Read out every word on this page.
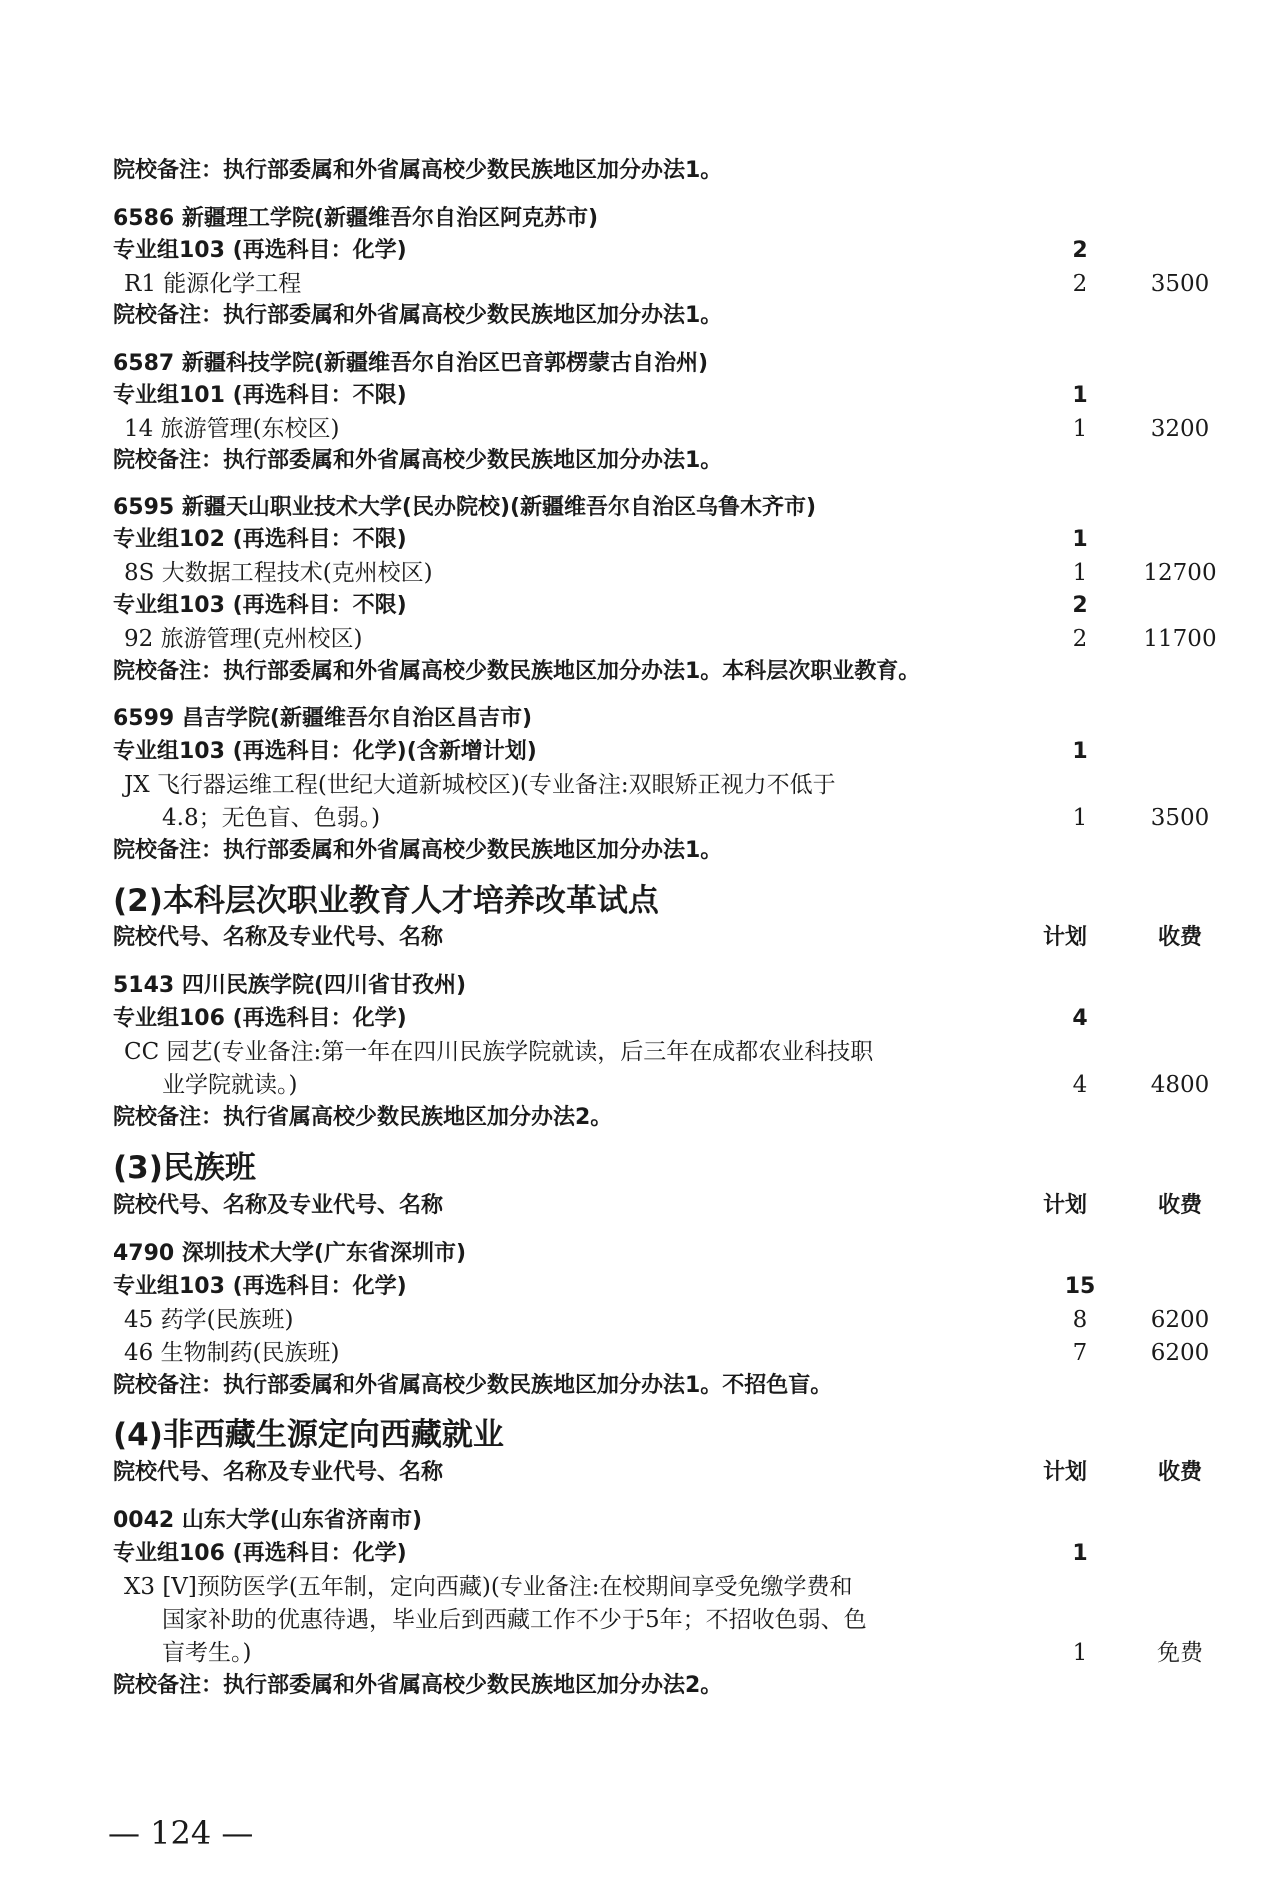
院校备注：执行部委属和外省属高校少数民族地区加分办法1。
6586 新疆理工学院(新疆维吾尔自治区阿克苏市)
专业组103 (再选科目：化学)	2
R1 能源化学工程	2	3500
院校备注：执行部委属和外省属高校少数民族地区加分办法1。
6587 新疆科技学院(新疆维吾尔自治区巴音郭楞蒙古自治州)
专业组101 (再选科目：不限)	1
14 旅游管理(东校区)	1	3200
院校备注：执行部委属和外省属高校少数民族地区加分办法1。
6595 新疆天山职业技术大学(民办院校)(新疆维吾尔自治区乌鲁木齐市)
专业组102 (再选科目：不限)	1
8S 大数据工程技术(克州校区)	1	12700
专业组103 (再选科目：不限)	2
92 旅游管理(克州校区)	2	11700
院校备注：执行部委属和外省属高校少数民族地区加分办法1。本科层次职业教育。
6599 昌吉学院(新疆维吾尔自治区昌吉市)
专业组103 (再选科目：化学)(含新增计划)	1
JX 飞行器运维工程(世纪大道新城校区)(专业备注:双眼矫正视力不低于
4.8；无色盲、色弱。)	1	3500
院校备注：执行部委属和外省属高校少数民族地区加分办法1。
(2)本科层次职业教育人才培养改革试点
院校代号、名称及专业代号、名称	计划	收费
5143 四川民族学院(四川省甘孜州)
专业组106 (再选科目：化学)	4
CC 园艺(专业备注:第一年在四川民族学院就读，后三年在成都农业科技职
业学院就读。)	4	4800
院校备注：执行省属高校少数民族地区加分办法2。
(3)民族班
院校代号、名称及专业代号、名称	计划	收费
4790 深圳技术大学(广东省深圳市)
专业组103 (再选科目：化学)	15
45 药学(民族班)	8	6200
46 生物制药(民族班)	7	6200
院校备注：执行部委属和外省属高校少数民族地区加分办法1。不招色盲。
(4)非西藏生源定向西藏就业
院校代号、名称及专业代号、名称	计划	收费
0042 山东大学(山东省济南市)
专业组106 (再选科目：化学)	1
X3 [V]预防医学(五年制，定向西藏)(专业备注:在校期间享受免缴学费和
国家补助的优惠待遇，毕业后到西藏工作不少于5年；不招收色弱、色
盲考生。)	1	免费
院校备注：执行部委属和外省属高校少数民族地区加分办法2。
— 124 —
